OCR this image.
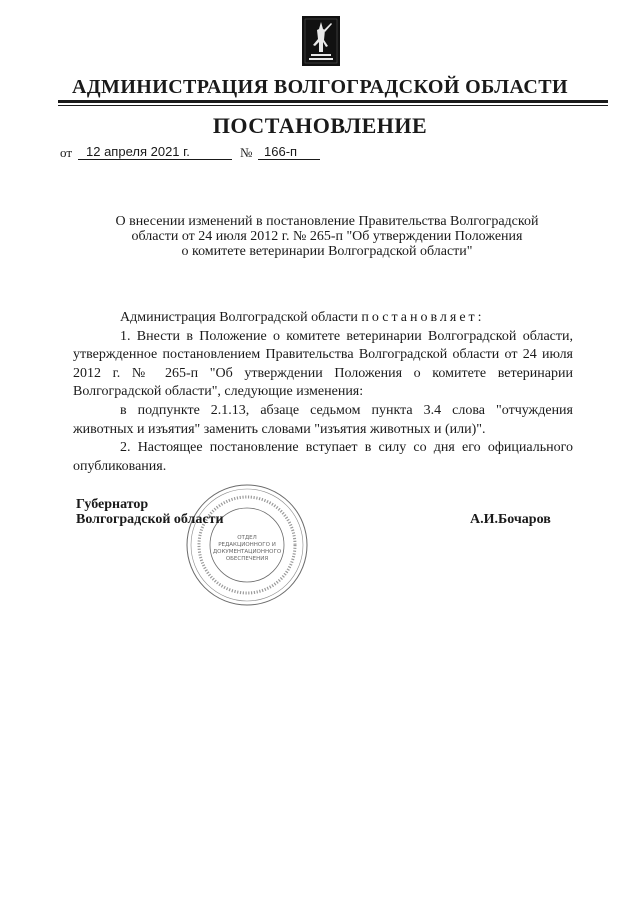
АДМИНИСТРАЦИЯ ВОЛГОГРАДСКОЙ ОБЛАСТИ
ПОСТАНОВЛЕНИЕ
от	12 апреля 2021 г.	№ 166-п
О внесении изменений в постановление Правительства Волгоградской
области от 24 июля 2012 г. № 265-п "Об утверждении Положения
о комитете ветеринарии Волгоградской области"

Администрация Волгоградской области постановляет:

1. Внести в Положение о комитете ветеринарии Волгоградской области, утвержденное постановлением Правительства Волгоградской области от 24 июля 2012 г. № 265-п "Об утверждении Положения о комитете ветеринарии Волгоградской области", следующие изменения:

в подпункте 2.1.13, абзаце седьмом пункта 3.4 слова "отчуждения животных и изъятия" заменить словами "изъятия животных и (или)".

2. Настоящее постановление вступает в силу со дня его официального опубликования.

ОТДЕЛ
РЕДАКЦИОННОГО И
ДОКУМЕНТАЦИОННОГО
ОБЕСПЕЧЕНИЯ
Губернатор
Волгоградской области	А.И.Бочаров
